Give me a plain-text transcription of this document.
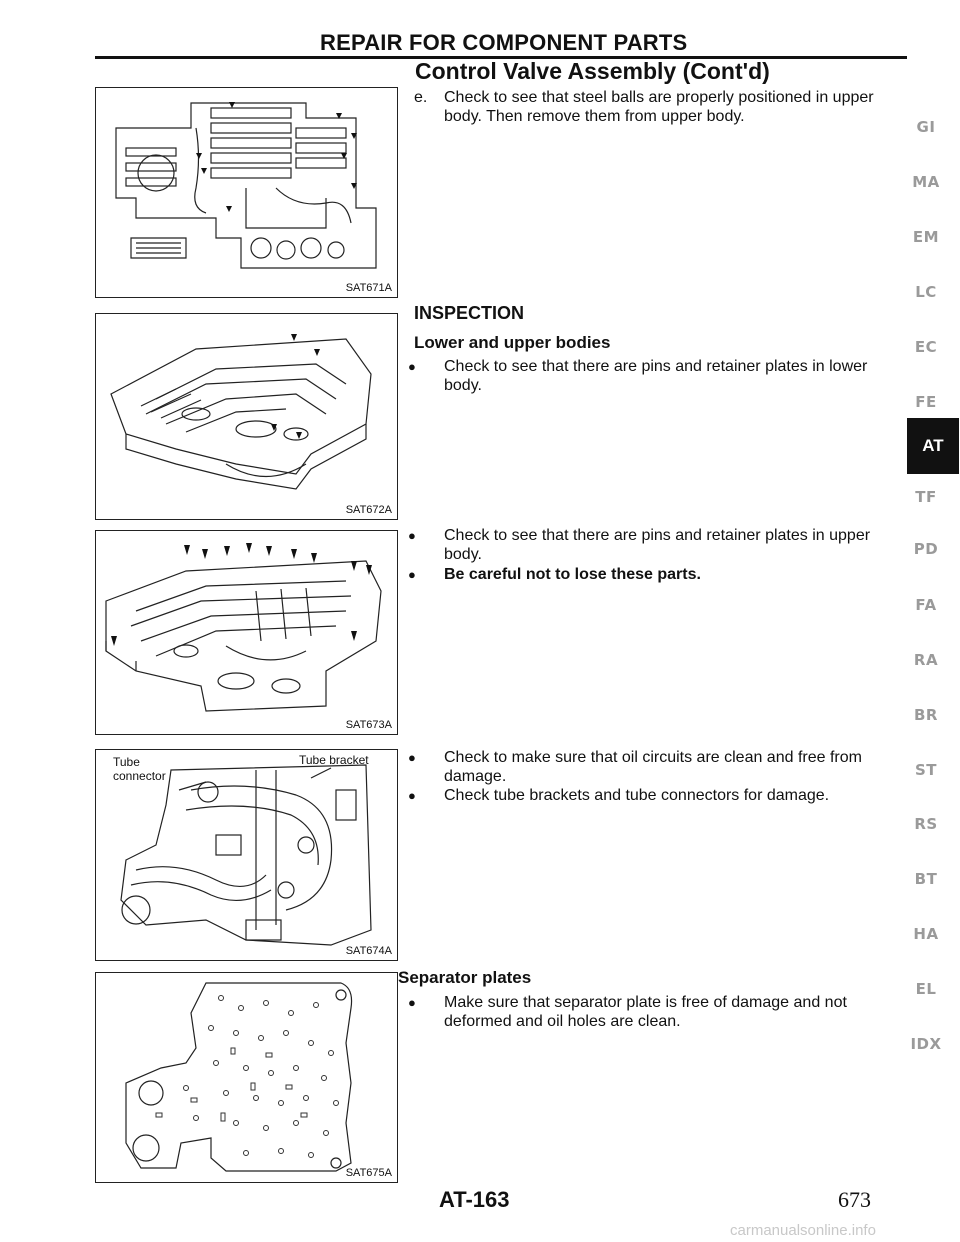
REPAIR FOR COMPONENT PARTS
Control Valve Assembly (Cont'd)
SAT671A
SAT672A
SAT673A
Tube
connector
Tube bracket
SAT674A
SAT675A
e.	Check to see that steel balls are properly positioned in upper body. Then remove them from upper body.
INSPECTION
Lower and upper bodies
●	Check to see that there are pins and retainer plates in lower body.
●	Check to see that there are pins and retainer plates in upper body.
●	Be careful not to lose these parts.
●	Check to make sure that oil circuits are clean and free from damage.
●	Check tube brackets and tube connectors for damage.
Separator plates
●	Make sure that separator plate is free of damage and not deformed and oil holes are clean.
GI
MA
EM
LC
EC
FE
AT
TF
PD
FA
RA
BR
ST
RS
BT
HA
EL
IDX
AT-163	673
carmanualsonline.info
